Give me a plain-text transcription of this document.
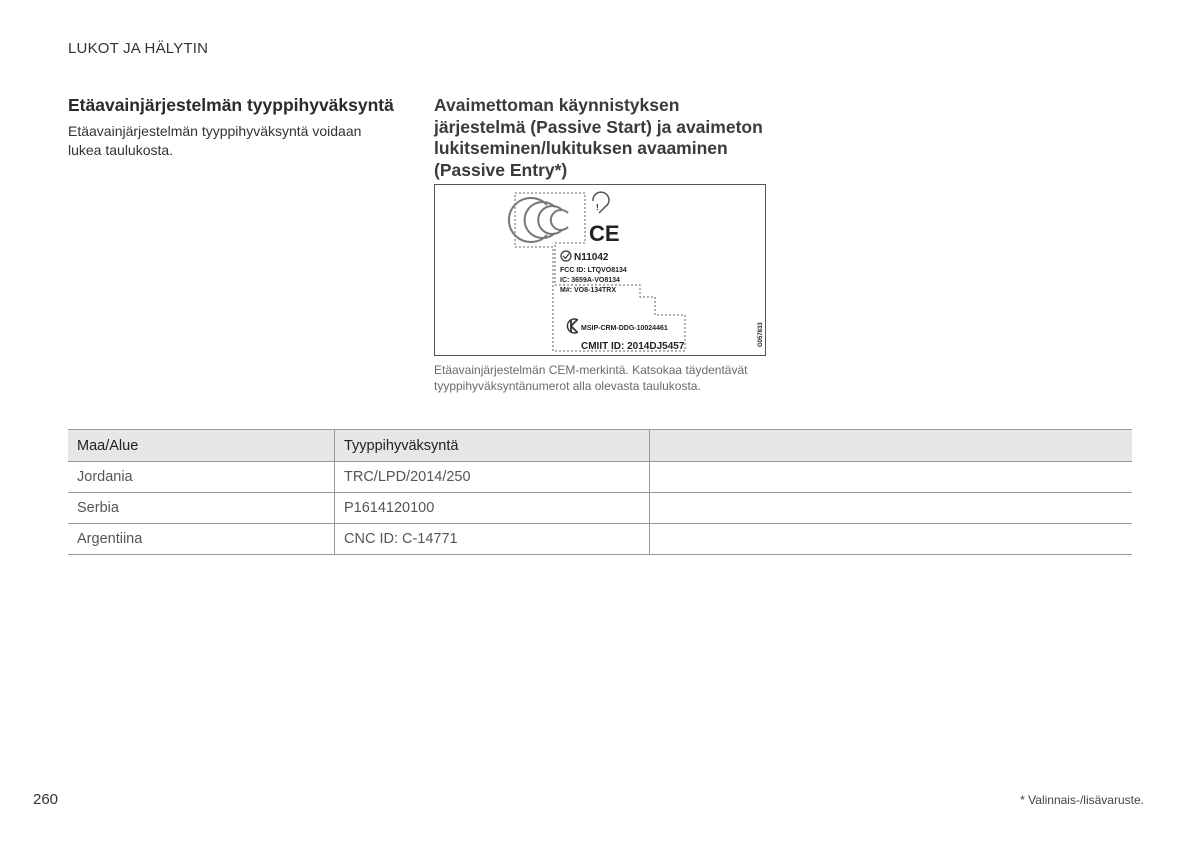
LUKOT JA HÄLYTIN
Etäavainjärjestelmän tyyppihyväksyntä

Etäavainjärjestelmän tyyppihyväksyntä voidaan lukea taulukosta.

Avaimettoman käynnistyksen järjestelmä (Passive Start) ja avaimeton lukitseminen/lukituksen avaaminen (Passive Entry*)
!
CE
N11042
FCC ID: LTQVO8134
IC: 3659A-VO8134
M#: VO8-134TRX
MSIP-CRM-DDG-10024461
CMIIT ID: 2014DJ5457	G057833
Etäavainjärjestelmän CEM-merkintä. Katsokaa täydentävät tyyppihyväksyntänumerot alla olevasta taulukosta.
Maa/Alue	Tyyppihyväksyntä	
Jordania	TRC/LPD/2014/250	
Serbia	P1614120100	
Argentiina	CNC ID: C-14771	
260	* Valinnais-/lisävaruste.
